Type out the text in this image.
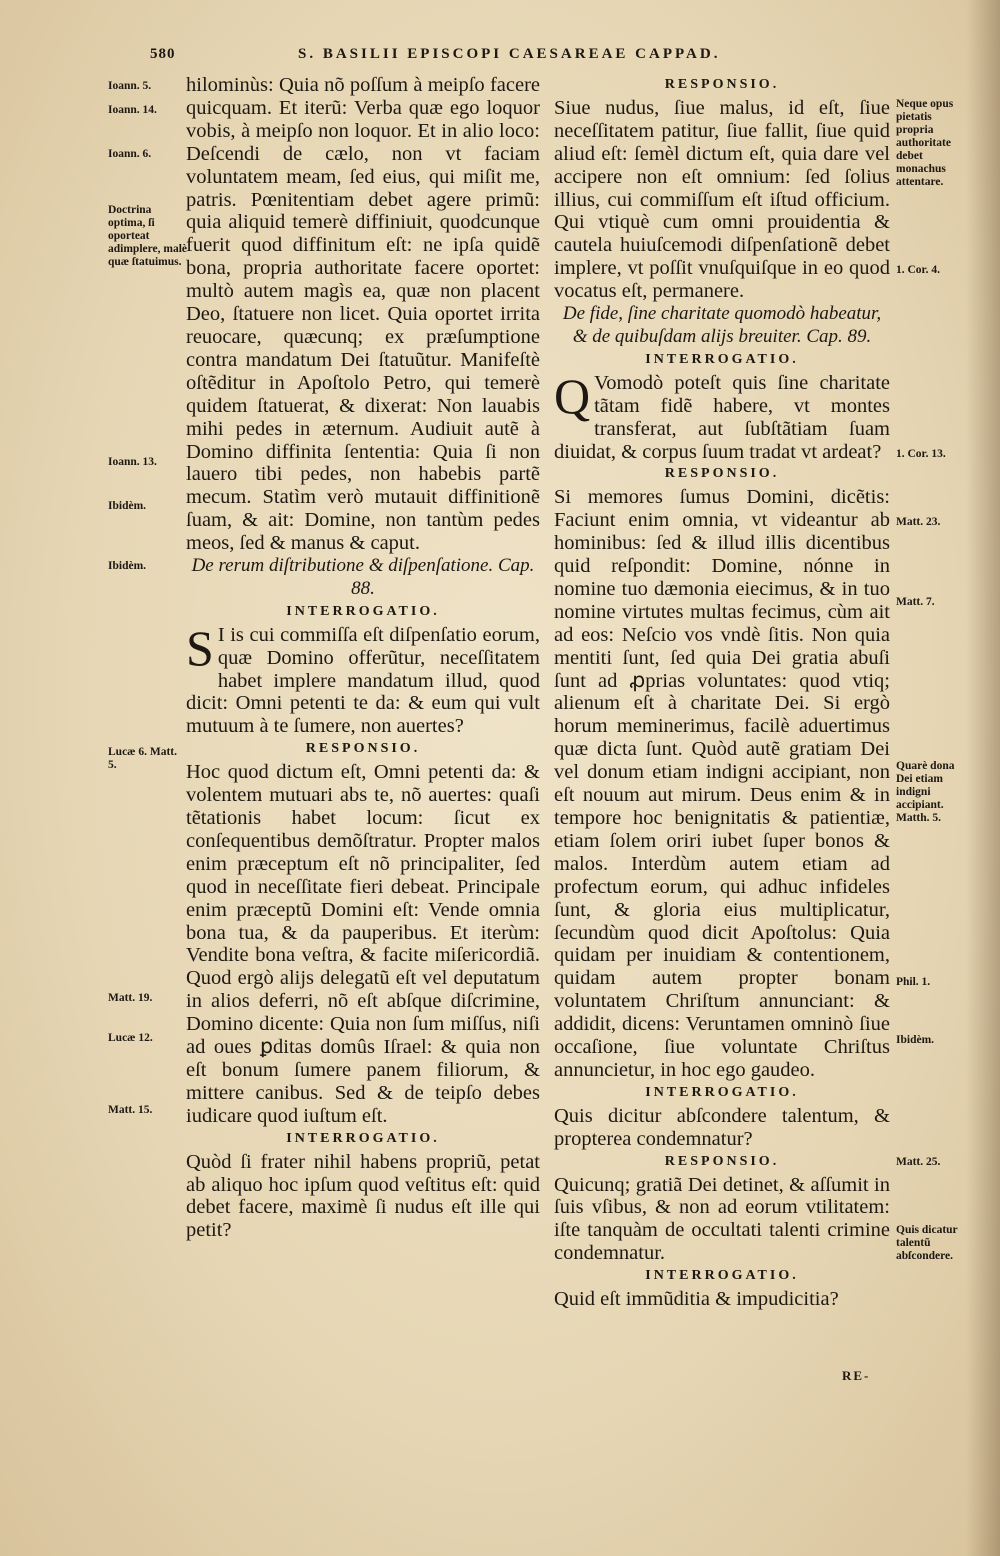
580	S. BASILII EPISCOPI CAESAREAE CAPPAD.
Ioann. 5.
Ioann. 14.
Ioann. 6.
Doctrina optima, ſi oporteat adimplere, malè quæ ſtatuimus.
Ioann. 13.
Ibidèm.
Ibidèm.
Lucæ 6. Matt. 5.
Matt. 19.
Lucæ 12.
Matt. 15.

hilominùs: Quia nõ poſſum à meipſo facere quicquam. Et iterũ: Verba quæ ego loquor vobis, à meipſo non loquor. Et in alio loco: Deſcendi de cælo, non vt faciam voluntatem meam, ſed eius, qui miſit me, patris. Pœnitentiam debet agere primũ: quia aliquid temerè diffiniuit, quodcunque fuerit quod diffinitum eſt: ne ipſa quidẽ bona, propria authoritate facere oportet: multò autem magìs ea, quæ non placent Deo, ſtatuere non licet. Quia oportet irrita reuocare, quæcunq; ex præſumptione contra mandatum Dei ſtatuũtur. Manifeſtè oſtẽditur in Apoſtolo Petro, qui temerè quidem ſtatuerat, & dixerat: Non lauabis mihi pedes in æternum. Audiuit autẽ à Domino diffinita ſententia: Quia ſi non lauero tibi pedes, non habebis partẽ mecum. Statìm verò mutauit diffinitionẽ ſuam, & ait: Domine, non tantùm pedes meos, ſed & manus & caput.

De rerum diſtributione & diſpenſatione. Cap. 88.

INTERROGATIO.

S I is cui commiſſa eſt diſpenſatio eorum, quæ Domino offerũtur, neceſſitatem habet implere mandatum illud, quod dicit: Omni petenti te da: & eum qui vult mutuum à te ſumere, non auertes?

RESPONSIO.

Hoc quod dictum eſt, Omni petenti da: & volentem mutuari abs te, nõ auertes: quaſi tẽtationis habet locum: ſicut ex conſequentibus demõſtratur. Propter malos enim præceptum eſt nõ principaliter, ſed quod in neceſſitate fieri debeat. Principale enim præceptũ Domini eſt: Vende omnia bona tua, & da pauperibus. Et iterùm: Vendite bona veſtra, & facite miſericordiã. Quod ergò alijs delegatũ eſt vel deputatum in alios deferri, nõ eſt abſque diſcrimine, Domino dicente: Quia non ſum miſſus, niſi ad oues ꝑditas domûs Iſrael: & quia non eſt bonum ſumere panem filiorum, & mittere canibus. Sed & de teipſo debes iudicare quod iuſtum eſt.

INTERROGATIO.

Quòd ſi frater nihil habens propriũ, petat ab aliquo hoc ipſum quod veſtitus eſt: quid debet facere, maximè ſi nudus eſt ille qui petit?

RESPONSIO.

Siue nudus, ſiue malus, id eſt, ſiue neceſſitatem patitur, ſiue fallit, ſiue quid aliud eſt: ſemèl dictum eſt, quia dare vel accipere non eſt omnium: ſed ſolius illius, cui commiſſum eſt iſtud officium. Qui vtiquè cum omni prouidentia & cautela huiuſcemodi diſpenſationẽ debet implere, vt poſſit vnuſquiſque in eo quod vocatus eſt, permanere.

De fide, ſine charitate quomodò habeatur, & de quibuſdam alijs breuiter. Cap. 89.

INTERROGATIO.

Q Vomodò poteſt quis ſine charitate tãtam fidẽ habere, vt montes transferat, aut ſubſtãtiam ſuam diuidat, & corpus ſuum tradat vt ardeat?

RESPONSIO.

Si memores ſumus Domini, dicẽtis: Faciunt enim omnia, vt videantur ab hominibus: ſed & illud illis dicentibus quid reſpondit: Domine, nónne in nomine tuo dæmonia eiecimus, & in tuo nomine virtutes multas fecimus, cùm ait ad eos: Neſcio vos vndè ſitis. Non quia mentiti ſunt, ſed quia Dei gratia abuſi ſunt ad ꝓprias voluntates: quod vtiq; alienum eſt à charitate Dei. Si ergò horum meminerimus, facilè aduertimus quæ dicta ſunt. Quòd autẽ gratiam Dei vel donum etiam indigni accipiant, non eſt nouum aut mirum. Deus enim & in tempore hoc benignitatis & patientiæ, etiam ſolem oriri iubet ſuper bonos & malos. Interdùm autem etiam ad profectum eorum, qui adhuc infideles ſunt, & gloria eius multiplicatur, ſecundùm quod dicit Apoſtolus: Quia quidam per inuidiam & contentionem, quidam autem propter bonam voluntatem Chriſtum annunciant: & addidit, dicens: Veruntamen omninò ſiue occaſione, ſiue voluntate Chriſtus annuncietur, in hoc ego gaudeo.

INTERROGATIO.

Quis dicitur abſcondere talentum, & propterea condemnatur?

RESPONSIO.

Quicunq; gratiã Dei detinet, & aſſumit in ſuis vſibus, & non ad eorum vtilitatem: iſte tanquàm de occultati talenti crimine condemnatur.

INTERROGATIO.

Quid eſt immũditia & impudicitia?

Neque opus pietatis propria authoritate debet monachus attentare.
1. Cor. 4.
1. Cor. 13.
Matt. 23.
Matt. 7.
Quarè dona Dei etiam indigni accipiant. Matth. 5.
Phil. 1.
Ibidèm.
Matt. 25.
Quis dicatur talentũ abſcondere.
RE-
